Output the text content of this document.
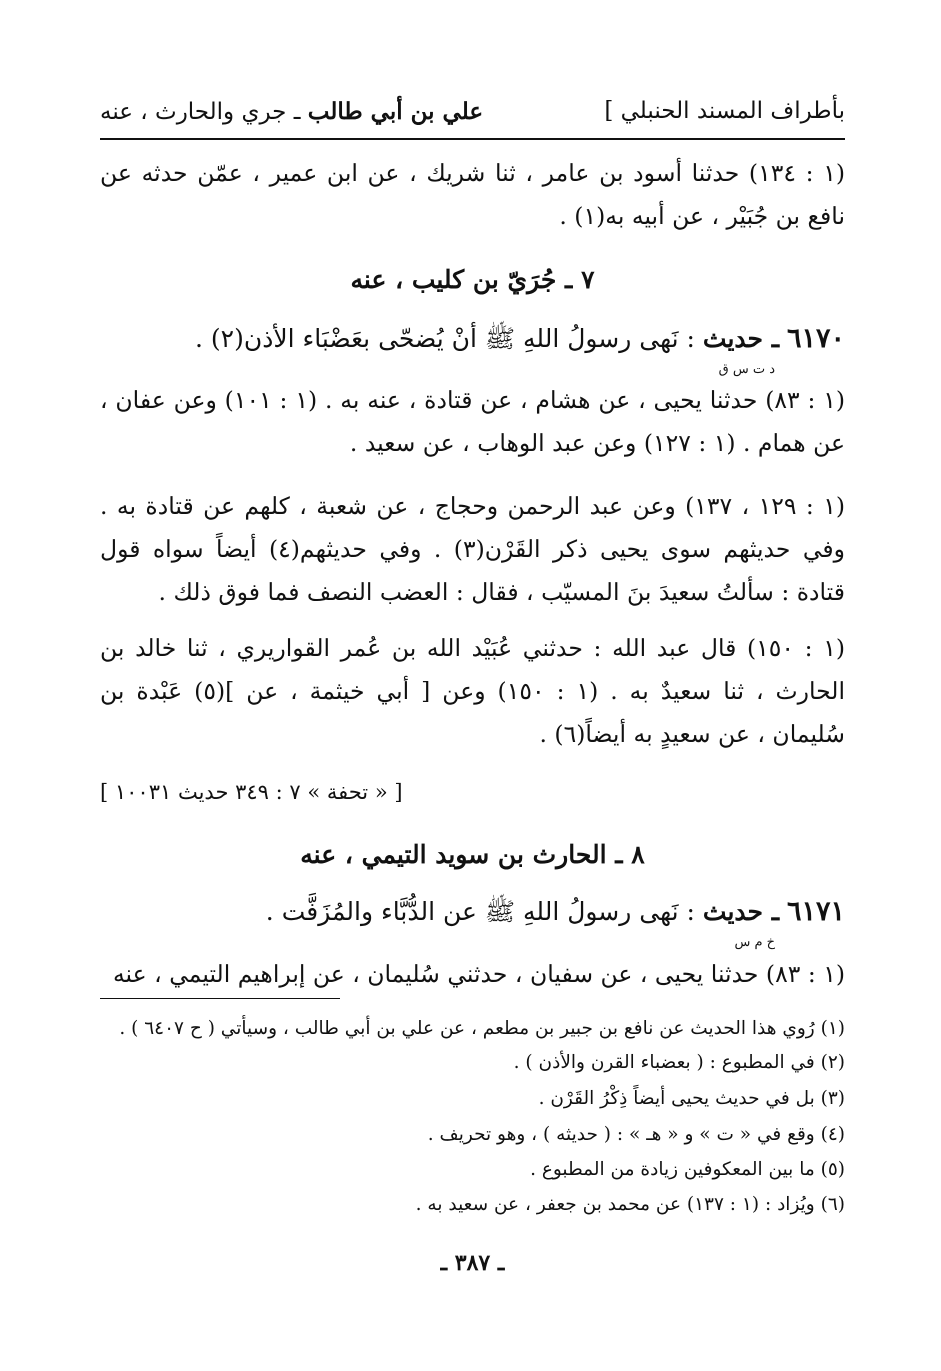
بأطراف المسند الحنبلي ]
علي بن أبي طالب ـ جري والحارث ، عنه
(١ : ١٣٤) حدثنا أسود بن عامر ، ثنا شريك ، عن ابن عمير ، عمّن حدثه عن نافع بن جُبَيْر ، عن أبيه به(١) .
٧ ـ جُرَيّ بن كليب ، عنه
٦١٧٠ ـ حديث
د ت س ق
: نَهى رسولُ اللهِ ﷺ أنْ يُضحّى بعَضْبَاء الأذن(٢) .
(١ : ٨٣) حدثنا يحيى ، عن هشام ، عن قتادة ، عنه به . (١ : ١٠١) وعن عفان ، عن همام . (١ : ١٢٧) وعن عبد الوهاب ، عن سعيد .
(١ : ١٢٩ ، ١٣٧) وعن عبد الرحمن وحجاج ، عن شعبة ، كلهم عن قتادة به . وفي حديثهم سوى يحيى ذكر القَرْن(٣) . وفي حديثهم(٤) أيضاً سواه قول قتادة : سألتُ سعيدَ بنَ المسيّب ، فقال : العضب النصف فما فوق ذلك .
(١ : ١٥٠) قال عبد الله : حدثني عُبَيْد الله بن عُمر القواريري ، ثنا خالد بن الحارث ، ثنا سعيدٌ به . (١ : ١٥٠) وعن [ أبي خيثمة ، عن ](٥) عَبْدة بن سُليمان ، عن سعيدٍ به أيضاً(٦) .
[ « تحفة » ٧ : ٣٤٩ حديث ١٠٠٣١ ]
٨ ـ الحارث بن سويد التيمي ، عنه
٦١٧١ ـ حديث
خ م س
: نَهى رسولُ اللهِ ﷺ عن الدُّبَّاء والمُزَفَّت .
(١ : ٨٣) حدثنا يحيى ، عن سفيان ، حدثني سُليمان ، عن إبراهيم التيمي ، عنه
(١) رُوي هذا الحديث عن نافع بن جبير بن مطعم ، عن علي بن أبي طالب ، وسيأتي ( ح ٦٤٠٧ ) .
(٢) في المطبوع : ( بعضباء القرن والأذن ) .
(٣) بل في حديث يحيى أيضاً ذِكْرُ القَرْن .
(٤) وقع في « ت » و « هـ » : ( حديثه ) ، وهو تحريف .
(٥) ما بين المعكوفين زيادة من المطبوع .
(٦) ويُزاد : (١ : ١٣٧) عن محمد بن جعفر ، عن سعيد به .
ـ ٣٨٧ ـ
